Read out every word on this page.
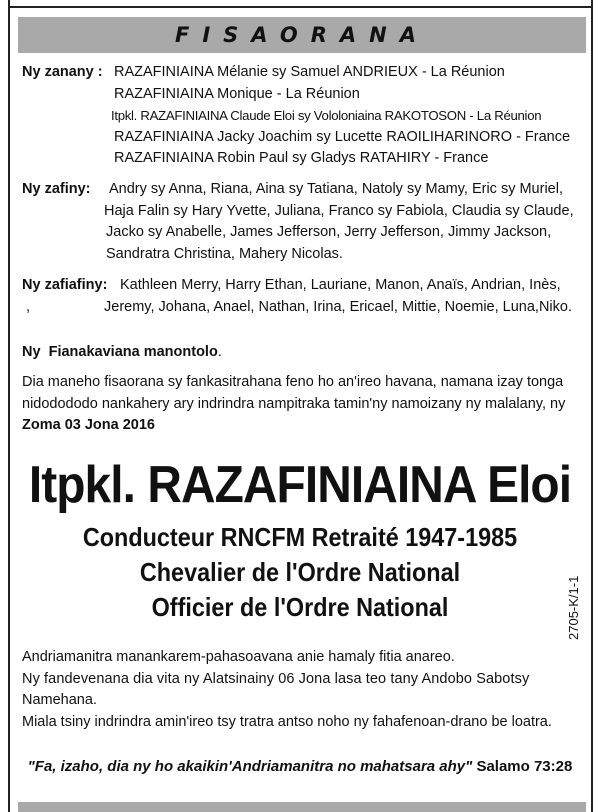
FISAORANA
Ny zanany : RAZAFINIAINA Mélanie sy Samuel ANDRIEUX - La Réunion
RAZAFINIAINA Monique - La Réunion
Itpkl. RAZAFINIAINA Claude Eloi sy Vololoniaina RAKOTOSON - La Réunion
RAZAFINIAINA Jacky Joachim sy Lucette RAOILIHARINORO - France
RAZAFINIAINA Robin Paul sy Gladys RATAHIRY - France
Ny zafiny: Andry sy Anna, Riana, Aina sy Tatiana, Natoly sy Mamy, Eric sy Muriel,
Haja Falin sy Hary Yvette, Juliana, Franco sy Fabiola, Claudia sy Claude,
Jacko sy Anabelle, James Jefferson, Jerry Jefferson, Jimmy Jackson,
Sandratra Christina, Mahery Nicolas.
Ny zafiafiny: Kathleen Merry, Harry Ethan, Lauriane, Manon, Anaïs, Andrian, Inès,
,	Jeremy, Johana, Anael, Nathan, Irina, Ericael, Mittie, Noemie, Luna,Niko.
Ny Fianakaviana manontolo.
Dia maneho fisaorana sy fankasitrahana feno ho an'ireo havana, namana izay tonga
nidodododo nankahery ary indrindra nampitraka tamin'ny namoizany ny malalany, ny
Zoma 03 Jona 2016
Itpkl. RAZAFINIAINA Eloi
Conducteur RNCFM Retraité 1947-1985
Chevalier de l'Ordre National
Officier de l'Ordre National	2705-K/1-1
Andriamanitra manankarem-pahasoavana anie hamaly fitia anareo.
Ny fandevenana dia vita ny Alatsinainy 06 Jona lasa teo tany Andobo Sabotsy
Namehana.
Miala tsiny indrindra amin'ireo tsy tratra antso noho ny fahafenoan-drano be loatra.
"Fa, izaho, dia ny ho akaikin'Andriamanitra no mahatsara ahy" Salamo 73:28
